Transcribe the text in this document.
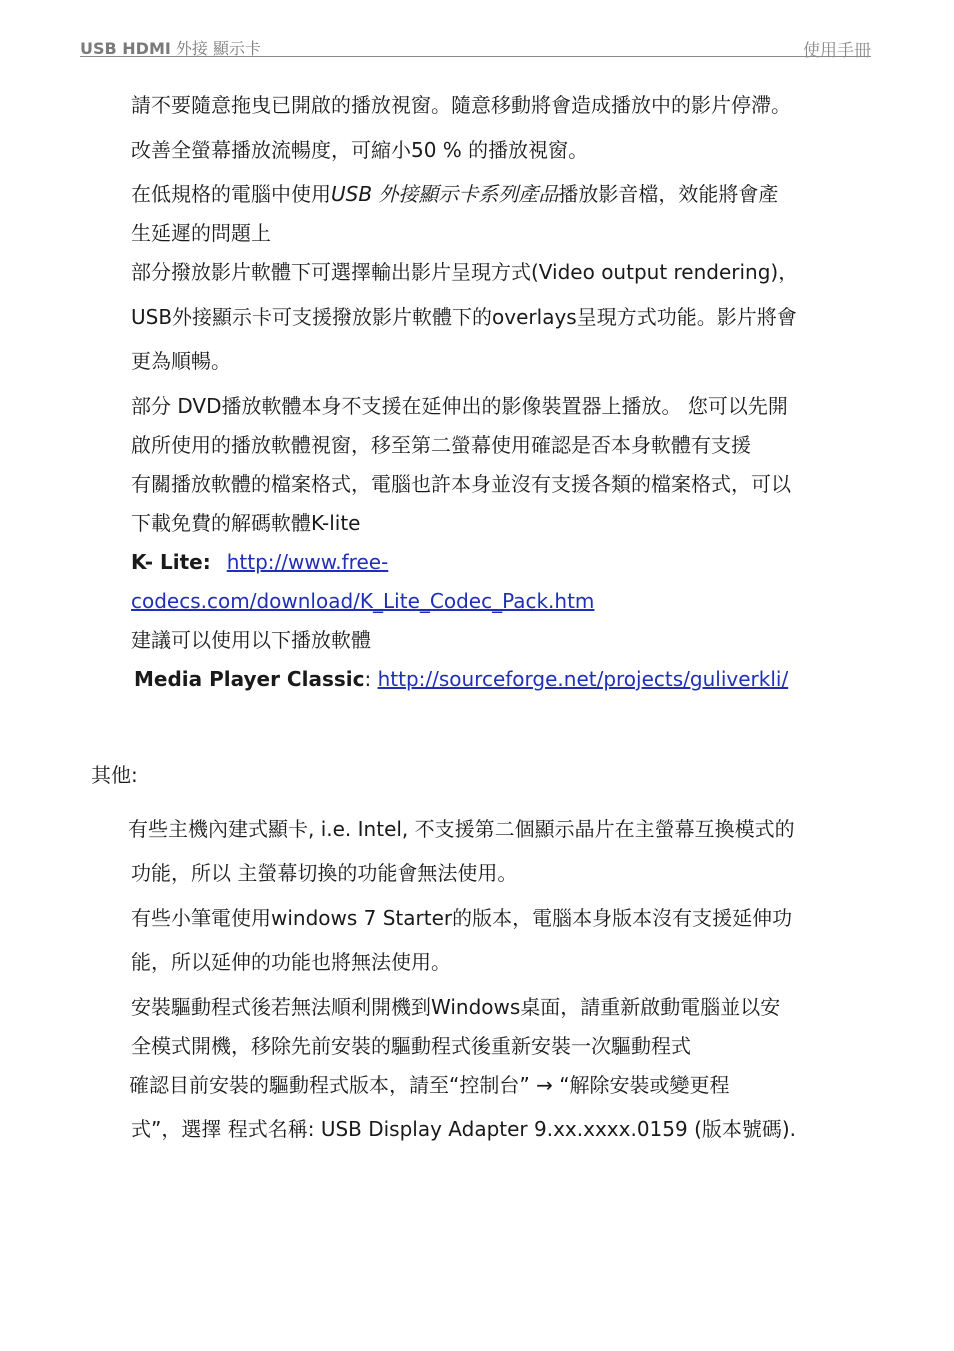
USB HDMI 外接 顯示卡	使用手冊
請不要隨意拖曳已開啟的播放視窗。隨意移動將會造成播放中的影片停滯。
改善全螢幕播放流暢度，可縮小50 % 的播放視窗。
在低規格的電腦中使用USB 外接顯示卡系列產品播放影音檔，效能將會產
生延遲的問題上
部分撥放影片軟體下可選擇輸出影片呈現方式(Video output rendering)，
USB外接顯示卡可支援撥放影片軟體下的overlays呈現方式功能。影片將會
更為順暢。
部分 DVD播放軟體本身不支援在延伸出的影像裝置器上播放。 您可以先開
啟所使用的播放軟體視窗，移至第二螢幕使用確認是否本身軟體有支援
有關播放軟體的檔案格式，電腦也許本身並沒有支援各類的檔案格式，可以
下載免費的解碼軟體K-lite
K- Lite: http://www.free-
codecs.com/download/K_Lite_Codec_Pack.htm
建議可以使用以下播放軟體
Media Player Classic: http://sourceforge.net/projects/guliverkli/
其他:
有些主機內建式顯卡, i.e. Intel, 不支援第二個顯示晶片在主螢幕互換模式的
功能，所以 主螢幕切換的功能會無法使用。
有些小筆電使用windows 7 Starter的版本，電腦本身版本沒有支援延伸功
能，所以延伸的功能也將無法使用。
安裝驅動程式後若無法順利開機到Windows桌面，請重新啟動電腦並以安
全模式開機，移除先前安裝的驅動程式後重新安裝一次驅動程式
確認目前安裝的驅動程式版本，請至“控制台” → “解除安裝或變更程
式”，選擇 程式名稱: USB Display Adapter 9.xx.xxxx.0159 (版本號碼).
